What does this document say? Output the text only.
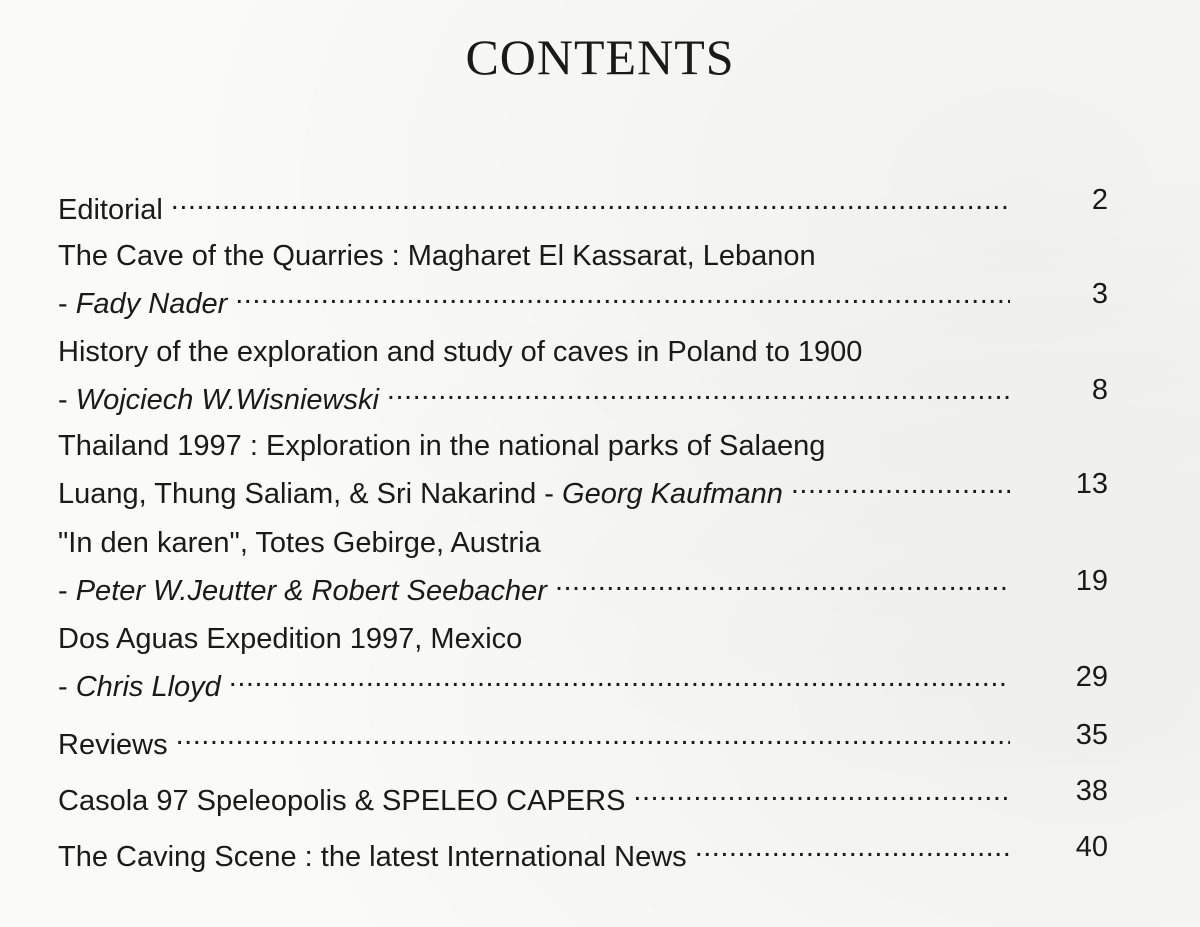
CONTENTS
Editorial .....	2
The Cave of the Quarries : Magharet El Kassarat, Lebanon
- Fady Nader .....	3
History of the exploration and study of caves in Poland to 1900
- Wojciech W.Wisniewski .....	8
Thailand 1997 : Exploration in the national parks of Salaeng
Luang, Thung Saliam, & Sri Nakarind - Georg Kaufmann .....	13
"In den karen", Totes Gebirge, Austria
- Peter W.Jeutter & Robert Seebacher .....	19
Dos Aguas Expedition 1997, Mexico
- Chris Lloyd .....	29
Reviews .....	35
Casola 97 Speleopolis & SPELEO CAPERS .....	38
The Caving Scene : the latest International News .....	40
